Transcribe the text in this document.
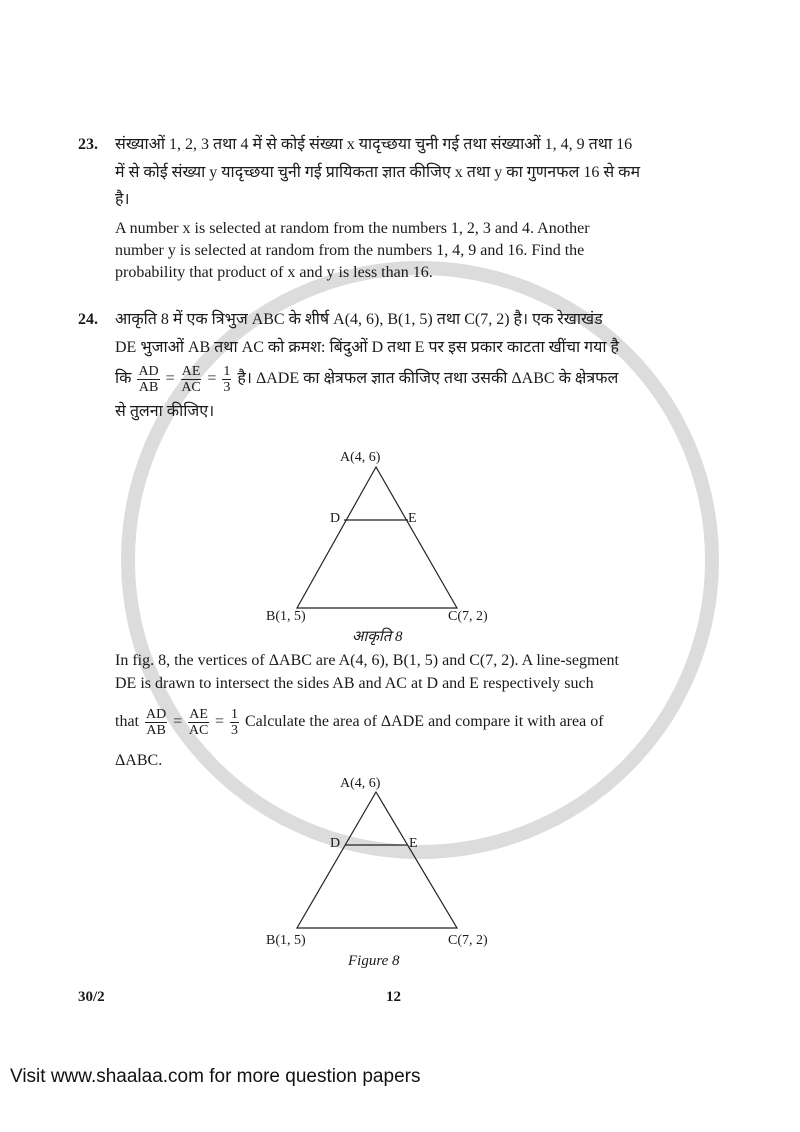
23. संख्याओं 1, 2, 3 तथा 4 में से कोई संख्या x यादृच्छया चुनी गई तथा संख्याओं 1, 4, 9 तथा 16
में से कोई संख्या y यादृच्छया चुनी गई प्रायिकता ज्ञात कीजिए x तथा y का गुणनफल 16 से कम
है।
A number x is selected at random from the numbers 1, 2, 3 and 4. Another
number y is selected at random from the numbers 1, 4, 9 and 16. Find the
probability that product of x and y is less than 16.
24. आकृति 8 में एक त्रिभुज ABC के शीर्ष A(4, 6), B(1, 5) तथा C(7, 2) है। एक रेखाखंड
DE भुजाओं AB तथा AC को क्रमश: बिंदुओं D तथा E पर इस प्रकार काटता खींचा गया है
कि $\frac{AD}{AB} = \frac{AE}{AC} = \frac{1}{3}$ है। ΔADE का क्षेत्रफल ज्ञात कीजिए तथा उसकी ΔABC के क्षेत्रफल
से तुलना कीजिए।
A(4, 6)
D	E
B(1, 5)	C(7, 2)
आकृति 8
In fig. 8, the vertices of ΔABC are A(4, 6), B(1, 5) and C(7, 2). A line-segment
DE is drawn to intersect the sides AB and AC at D and E respectively such
that $\frac{AD}{AB} = \frac{AE}{AC} = \frac{1}{3}$ Calculate the area of ΔADE and compare it with area of
ΔABC.
A(4, 6)
D	E
B(1, 5)	C(7, 2)
Figure 8
30/2	12
Visit www.shaalaa.com for more question papers
